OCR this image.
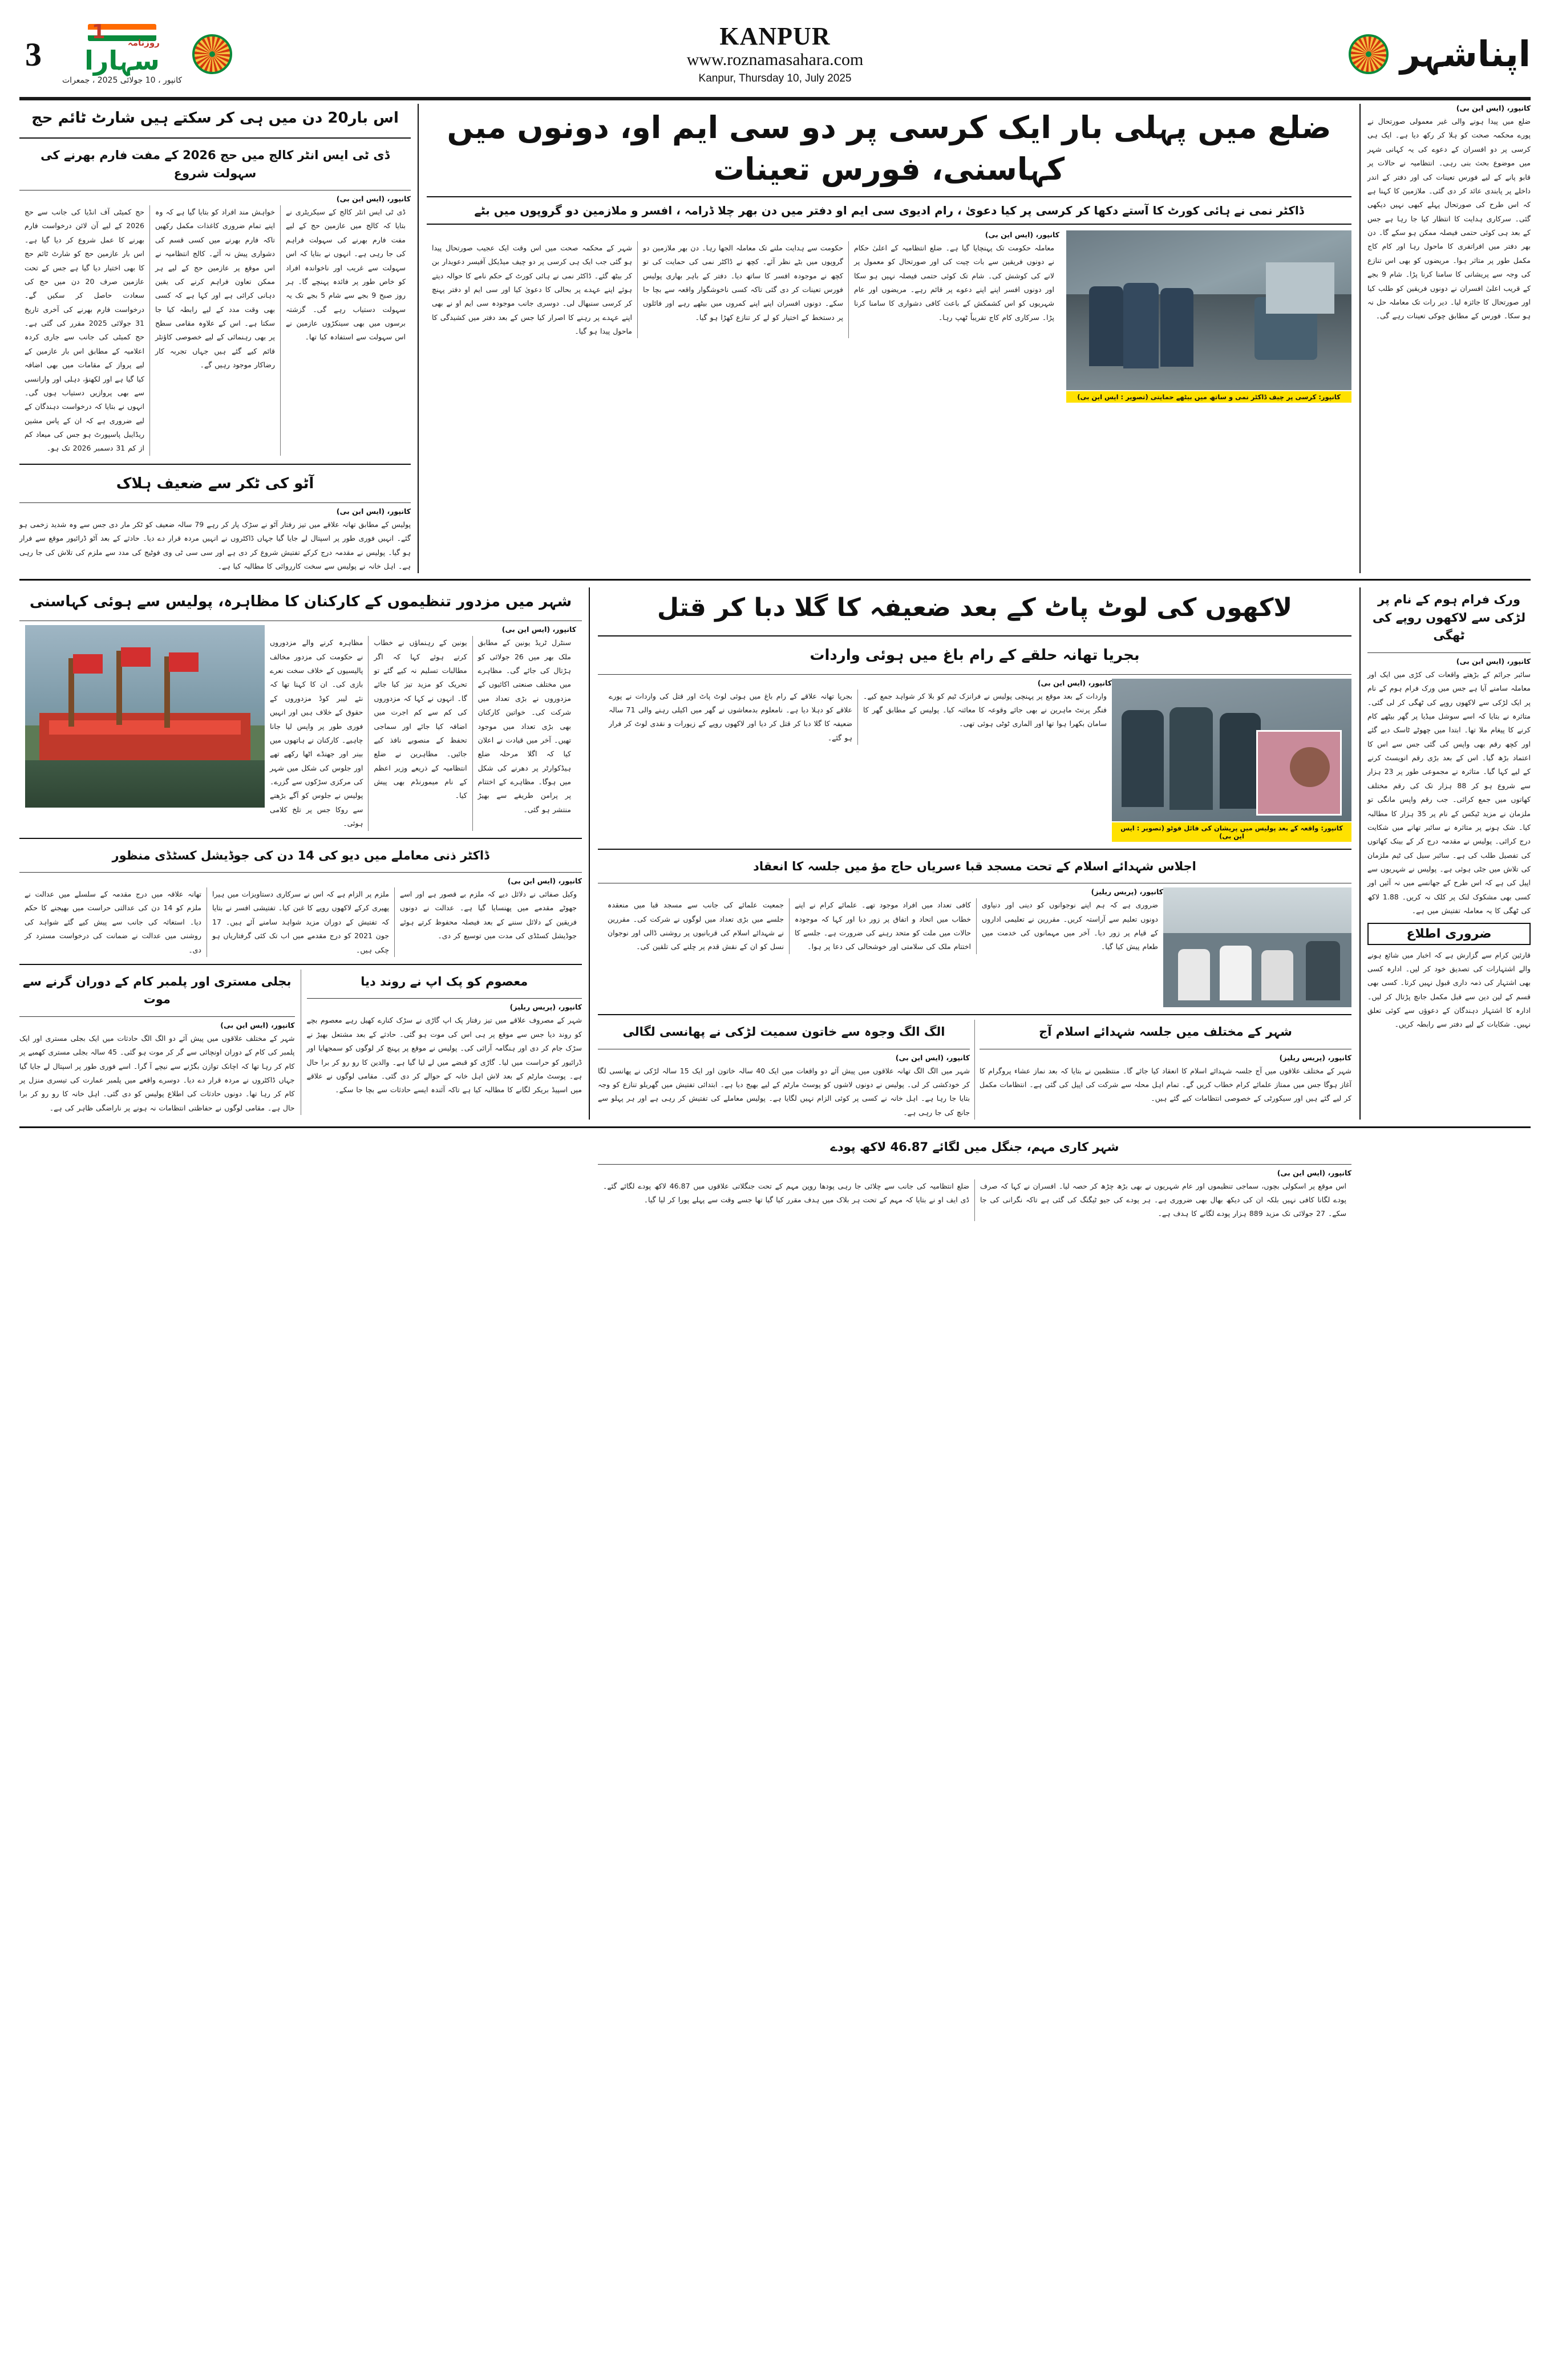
3
1	روزنامہ
سہارا
کانپور ، 10 جولائی 2025 ، جمعرات
KANPUR
www.roznamasahara.com
Kanpur, Thursday 10, July 2025
اپناشہر
اس بار20 دن میں ہی کر سکتے ہیں شارٹ ٹائم حج
ڈی ٹی ایس انٹر کالج میں حج 2026 کے مفت فارم بھرنے کی سہولت شروع
کانپور، (ایس این بی)
حج کمیٹی آف انڈیا کی جانب سے حج 2026 کے لیے آن لائن درخواست فارم بھرنے کا عمل شروع کر دیا گیا ہے۔ اس بار عازمین حج کو شارٹ ٹائم حج کا بھی اختیار دیا گیا ہے جس کے تحت عازمین صرف 20 دن میں حج کی سعادت حاصل کر سکیں گے۔ درخواست فارم بھرنے کی آخری تاریخ 31 جولائی 2025 مقرر کی گئی ہے۔ حج کمیٹی کی جانب سے جاری کردہ اعلامیہ کے مطابق اس بار عازمین کے لیے پرواز کے مقامات میں بھی اضافہ کیا گیا ہے اور لکھنؤ، دہلی اور وارانسی سے بھی پروازیں دستیاب ہوں گی۔ انہوں نے بتایا کہ درخواست دہندگان کے لیے ضروری ہے کہ ان کے پاس مشین ریڈایبل پاسپورٹ ہو جس کی میعاد کم از کم 31 دسمبر 2026 تک ہو۔
خواہش مند افراد کو بتایا گیا ہے کہ وہ اپنے تمام ضروری کاغذات مکمل رکھیں تاکہ فارم بھرنے میں کسی قسم کی دشواری پیش نہ آئے۔ کالج انتظامیہ نے اس موقع پر عازمین حج کے لیے ہر ممکن تعاون فراہم کرنے کی یقین دہانی کرائی ہے اور کہا ہے کہ کسی بھی وقت مدد کے لیے رابطہ کیا جا سکتا ہے۔ اس کے علاوہ مقامی سطح پر بھی رہنمائی کے لیے خصوصی کاؤنٹر قائم کیے گئے ہیں جہاں تجربہ کار رضاکار موجود رہیں گے۔
ڈی ٹی ایس انٹر کالج کے سیکریٹری نے بتایا کہ کالج میں عازمین حج کے لیے مفت فارم بھرنے کی سہولت فراہم کی جا رہی ہے۔ انہوں نے بتایا کہ اس سہولت سے غریب اور ناخواندہ افراد کو خاص طور پر فائدہ پہنچے گا۔ ہر روز صبح 9 بجے سے شام 5 بجے تک یہ سہولت دستیاب رہے گی۔ گزشتہ برسوں میں بھی سینکڑوں عازمین نے اس سہولت سے استفادہ کیا تھا۔
آٹو کی ٹکر سے ضعیف ہلاک
کانپور، (ایس این بی)
پولیس کے مطابق تھانہ علاقے میں تیز رفتار آٹو نے سڑک پار کر رہے 79 سالہ ضعیف کو ٹکر مار دی جس سے وہ شدید زخمی ہو گئے۔ انہیں فوری طور پر اسپتال لے جایا گیا جہاں ڈاکٹروں نے انہیں مردہ قرار دے دیا۔ حادثے کے بعد آٹو ڈرائیور موقع سے فرار ہو گیا۔ پولیس نے مقدمہ درج کرکے تفتیش شروع کر دی ہے اور سی سی ٹی وی فوٹیج کی مدد سے ملزم کی تلاش کی جا رہی ہے۔ اہل خانہ نے پولیس سے سخت کارروائی کا مطالبہ کیا ہے۔
ضلع میں پہلی بار ایک کرسی پر دو سی ایم او، دونوں میں کہاسنی، فورس تعینات
ڈاکٹر نمی نے ہائی کورٹ کا آستے دکھا کر کرسی پر کیا دعویٰ ، رام ادیوی سی ایم او دفتر میں دن بھر چلا ڈرامہ ، افسر و ملازمین دو گروپوں میں بٹے
کانپور، (ایس این بی)
شہر کے محکمہ صحت میں اس وقت ایک عجیب صورتحال پیدا ہو گئی جب ایک ہی کرسی پر دو چیف میڈیکل آفیسر دعویدار بن کر بیٹھ گئے۔ ڈاکٹر نمی نے ہائی کورٹ کے حکم نامے کا حوالہ دیتے ہوئے اپنے عہدے پر بحالی کا دعویٰ کیا اور سی ایم او دفتر پہنچ کر کرسی سنبھال لی۔ دوسری جانب موجودہ سی ایم او نے بھی اپنے عہدے پر رہنے کا اصرار کیا جس کے بعد دفتر میں کشیدگی کا ماحول پیدا ہو گیا۔
حکومت سے ہدایت ملنے تک معاملہ الجھا رہا۔ دن بھر ملازمین دو گروپوں میں بٹے نظر آئے۔ کچھ نے ڈاکٹر نمی کی حمایت کی تو کچھ نے موجودہ افسر کا ساتھ دیا۔ دفتر کے باہر بھاری پولیس فورس تعینات کر دی گئی تاکہ کسی ناخوشگوار واقعہ سے بچا جا سکے۔ دونوں افسران اپنے اپنے کمروں میں بیٹھے رہے اور فائلوں پر دستخط کے اختیار کو لے کر تنازع کھڑا ہو گیا۔
معاملہ حکومت تک پہنچایا گیا ہے۔ ضلع انتظامیہ کے اعلیٰ حکام نے دونوں فریقین سے بات چیت کی اور صورتحال کو معمول پر لانے کی کوشش کی۔ شام تک کوئی حتمی فیصلہ نہیں ہو سکا اور دونوں افسر اپنے اپنے دعوے پر قائم رہے۔ مریضوں اور عام شہریوں کو اس کشمکش کے باعث کافی دشواری کا سامنا کرنا پڑا۔ سرکاری کام کاج تقریباً ٹھپ رہا۔
کانپور: کرسی پر چیف ڈاکٹر نمی و ساتھ میں بیٹھے حمایتی (تصویر : ایس این بی)
کانپور، (ایس این بی)
ضلع میں پیدا ہونے والی غیر معمولی صورتحال نے پورے محکمہ صحت کو ہلا کر رکھ دیا ہے۔ ایک ہی کرسی پر دو افسران کے دعوے کی یہ کہانی شہر میں موضوع بحث بنی رہی۔ انتظامیہ نے حالات پر قابو پانے کے لیے فورس تعینات کی اور دفتر کے اندر داخلے پر پابندی عائد کر دی گئی۔ ملازمین کا کہنا ہے کہ اس طرح کی صورتحال پہلے کبھی نہیں دیکھی گئی۔ سرکاری ہدایت کا انتظار کیا جا رہا ہے جس کے بعد ہی کوئی حتمی فیصلہ ممکن ہو سکے گا۔ دن بھر دفتر میں افراتفری کا ماحول رہا اور کام کاج مکمل طور پر متاثر ہوا۔ مریضوں کو بھی اس تنازع کی وجہ سے پریشانی کا سامنا کرنا پڑا۔ شام 9 بجے کے قریب اعلیٰ افسران نے دونوں فریقین کو طلب کیا اور صورتحال کا جائزہ لیا۔ دیر رات تک معاملہ حل نہ ہو سکا۔ فورس کے مطابق چوکی تعینات رہے گی۔
شہر میں مزدور تنظیموں کے کارکنان کا مظاہرہ، پولیس سے ہوئی کہاسنی
کانپور، (ایس این بی)
مظاہرہ کرنے والے مزدوروں نے حکومت کی مزدور مخالف پالیسیوں کے خلاف سخت نعرے بازی کی۔ ان کا کہنا تھا کہ نئے لیبر کوڈ مزدوروں کے حقوق کے خلاف ہیں اور انہیں فوری طور پر واپس لیا جانا چاہیے۔ کارکنان نے ہاتھوں میں بینر اور جھنڈے اٹھا رکھے تھے اور جلوس کی شکل میں شہر کی مرکزی سڑکوں سے گزرے۔ پولیس نے جلوس کو آگے بڑھنے سے روکا جس پر تلخ کلامی ہوئی۔
یونین کے رہنماؤں نے خطاب کرتے ہوئے کہا کہ اگر مطالبات تسلیم نہ کیے گئے تو تحریک کو مزید تیز کیا جائے گا۔ انہوں نے کہا کہ مزدوروں کی کم سے کم اجرت میں اضافہ کیا جائے اور سماجی تحفظ کے منصوبے نافذ کیے جائیں۔ مظاہرین نے ضلع انتظامیہ کے ذریعے وزیر اعظم کے نام میمورنڈم بھی پیش کیا۔
سنٹرل ٹریڈ یونین کے مطابق ملک بھر میں 26 جولائی کو ہڑتال کی جائے گی۔ مظاہرے میں مختلف صنعتی اکائیوں کے مزدوروں نے بڑی تعداد میں شرکت کی۔ خواتین کارکنان بھی بڑی تعداد میں موجود تھیں۔ آخر میں قیادت نے اعلان کیا کہ اگلا مرحلہ ضلع ہیڈکوارٹر پر دھرنے کی شکل میں ہوگا۔ مظاہرے کے اختتام پر پرامن طریقے سے بھیڑ منتشر ہو گئی۔
ڈاکٹر ذنی معاملے میں دیو کی 14 دن کی جوڈیشل کسٹڈی منظور
کانپور، (ایس این بی)
تھانہ علاقہ میں درج مقدمہ کے سلسلے میں عدالت نے ملزم کو 14 دن کی عدالتی حراست میں بھیجنے کا حکم دیا۔ استغاثہ کی جانب سے پیش کیے گئے شواہد کی روشنی میں عدالت نے ضمانت کی درخواست مسترد کر دی۔
ملزم پر الزام ہے کہ اس نے سرکاری دستاویزات میں ہیرا پھیری کرکے لاکھوں روپے کا غبن کیا۔ تفتیشی افسر نے بتایا کہ تفتیش کے دوران مزید شواہد سامنے آئے ہیں۔ 17 جون 2021 کو درج مقدمے میں اب تک کئی گرفتاریاں ہو چکی ہیں۔
وکیل صفائی نے دلائل دیے کہ ملزم بے قصور ہے اور اسے جھوٹے مقدمے میں پھنسایا گیا ہے۔ عدالت نے دونوں فریقین کے دلائل سننے کے بعد فیصلہ محفوظ کرتے ہوئے جوڈیشل کسٹڈی کی مدت میں توسیع کر دی۔
بجلی مستری اور پلمبر کام کے دوران گرنے سے موت
کانپور، (ایس این بی)
شہر کے مختلف علاقوں میں پیش آئے دو الگ الگ حادثات میں ایک بجلی مستری اور ایک پلمبر کی کام کے دوران اونچائی سے گر کر موت ہو گئی۔ 45 سالہ بجلی مستری کھمبے پر کام کر رہا تھا کہ اچانک توازن بگڑنے سے نیچے آ گرا۔ اسے فوری طور پر اسپتال لے جایا گیا جہاں ڈاکٹروں نے مردہ قرار دے دیا۔ دوسرے واقعے میں پلمبر عمارت کی تیسری منزل پر کام کر رہا تھا۔ دونوں حادثات کی اطلاع پولیس کو دی گئی۔ اہل خانہ کا رو رو کر برا حال ہے۔ مقامی لوگوں نے حفاظتی انتظامات نہ ہونے پر ناراضگی ظاہر کی ہے۔
معصوم کو پک اپ نے روند دیا
کانپور، (پریس ریلیز)
شہر کے مصروف علاقے میں تیز رفتار پک اپ گاڑی نے سڑک کنارے کھیل رہے معصوم بچے کو روند دیا جس سے موقع پر ہی اس کی موت ہو گئی۔ حادثے کے بعد مشتعل بھیڑ نے سڑک جام کر دی اور ہنگامہ آرائی کی۔ پولیس نے موقع پر پہنچ کر لوگوں کو سمجھایا اور ڈرائیور کو حراست میں لیا۔ گاڑی کو قبضے میں لے لیا گیا ہے۔ والدین کا رو رو کر برا حال ہے۔ پوسٹ مارٹم کے بعد لاش اہل خانہ کے حوالے کر دی گئی۔ مقامی لوگوں نے علاقے میں اسپیڈ بریکر لگانے کا مطالبہ کیا ہے تاکہ آئندہ ایسے حادثات سے بچا جا سکے۔
لاکھوں کی لوٹ پاٹ کے بعد ضعیفہ کا گلا دبا کر قتل
بجریا تھانہ حلقے کے رام باغ میں ہوئی واردات
کانپور، (ایس این بی)
بجریا تھانہ علاقے کے رام باغ میں ہوئی لوٹ پاٹ اور قتل کی واردات نے پورے علاقے کو دہلا دیا ہے۔ نامعلوم بدمعاشوں نے گھر میں اکیلی رہنے والی 71 سالہ ضعیفہ کا گلا دبا کر قتل کر دیا اور لاکھوں روپے کے زیورات و نقدی لوٹ کر فرار ہو گئے۔
واردات کے بعد موقع پر پہنچی پولیس نے فرانزک ٹیم کو بلا کر شواہد جمع کیے۔ فنگر پرنٹ ماہرین نے بھی جائے وقوعہ کا معائنہ کیا۔ پولیس کے مطابق گھر کا سامان بکھرا ہوا تھا اور الماری ٹوٹی ہوئی تھی۔
کانپور: واقعہ کے بعد پولیس میں پریشان کی فائل فوٹو (تصویر : ایس این بی)
اجلاس شہدائے اسلام کے تحت مسجد قبا ءسریاں حاج مؤ میں جلسہ کا انعقاد
کانپور، (پریس ریلیز)
جمعیت علمائے کی جانب سے مسجد قبا میں منعقدہ جلسے میں بڑی تعداد میں لوگوں نے شرکت کی۔ مقررین نے شہدائے اسلام کی قربانیوں پر روشنی ڈالی اور نوجوان نسل کو ان کے نقش قدم پر چلنے کی تلقین کی۔
کافی تعداد میں افراد موجود تھے۔ علمائے کرام نے اپنے خطاب میں اتحاد و اتفاق پر زور دیا اور کہا کہ موجودہ حالات میں ملت کو متحد رہنے کی ضرورت ہے۔ جلسے کا اختتام ملک کی سلامتی اور خوشحالی کی دعا پر ہوا۔
ضروری ہے کہ ہم اپنے نوجوانوں کو دینی اور دنیاوی دونوں تعلیم سے آراستہ کریں۔ مقررین نے تعلیمی اداروں کے قیام پر زور دیا۔ آخر میں مہمانوں کی خدمت میں طعام پیش کیا گیا۔
الگ الگ وجوہ سے خاتون سمیت لڑکی نے پھانسی لگالی
کانپور، (ایس این بی)
شہر میں الگ الگ تھانہ علاقوں میں پیش آئے دو واقعات میں ایک 40 سالہ خاتون اور ایک 15 سالہ لڑکی نے پھانسی لگا کر خودکشی کر لی۔ پولیس نے دونوں لاشوں کو پوسٹ مارٹم کے لیے بھیج دیا ہے۔ ابتدائی تفتیش میں گھریلو تنازع کو وجہ بتایا جا رہا ہے۔ اہل خانہ نے کسی پر کوئی الزام نہیں لگایا ہے۔ پولیس معاملے کی تفتیش کر رہی ہے اور ہر پہلو سے جانچ کی جا رہی ہے۔
شہر کے مختلف میں جلسہ شہدائے اسلام آج
کانپور، (پریس ریلیز)
شہر کے مختلف علاقوں میں آج جلسہ شہدائے اسلام کا انعقاد کیا جائے گا۔ منتظمین نے بتایا کہ بعد نماز عشاء پروگرام کا آغاز ہوگا جس میں ممتاز علمائے کرام خطاب کریں گے۔ تمام اہل محلہ سے شرکت کی اپیل کی گئی ہے۔ انتظامات مکمل کر لیے گئے ہیں اور سیکورٹی کے خصوصی انتظامات کیے گئے ہیں۔
ورک فرام ہوم کے نام پر لڑکی سے لاکھوں روپے کی ٹھگی
کانپور، (ایس این بی)
سائبر جرائم کے بڑھتے واقعات کی کڑی میں ایک اور معاملہ سامنے آیا ہے جس میں ورک فرام ہوم کے نام پر ایک لڑکی سے لاکھوں روپے کی ٹھگی کر لی گئی۔ متاثرہ نے بتایا کہ اسے سوشل میڈیا پر گھر بیٹھے کام کرنے کا پیغام ملا تھا۔ ابتدا میں چھوٹے ٹاسک دیے گئے اور کچھ رقم بھی واپس کی گئی جس سے اس کا اعتماد بڑھ گیا۔ اس کے بعد بڑی رقم انویسٹ کرنے کے لیے کہا گیا۔ متاثرہ نے مجموعی طور پر 23 ہزار سے شروع ہو کر 88 ہزار تک کی رقم مختلف کھاتوں میں جمع کرائی۔ جب رقم واپس مانگی تو ملزمان نے مزید ٹیکس کے نام پر 35 ہزار کا مطالبہ کیا۔ شک ہونے پر متاثرہ نے سائبر تھانے میں شکایت درج کرائی۔ پولیس نے مقدمہ درج کر کے بینک کھاتوں کی تفصیل طلب کی ہے۔ سائبر سیل کی ٹیم ملزمان کی تلاش میں جٹی ہوئی ہے۔ پولیس نے شہریوں سے اپیل کی ہے کہ اس طرح کے جھانسے میں نہ آئیں اور کسی بھی مشکوک لنک پر کلک نہ کریں۔ 1.88 لاکھ کی ٹھگی کا یہ معاملہ تفتیش میں ہے۔
ضروری اطلاع
قارئین کرام سے گزارش ہے کہ اخبار میں شائع ہونے والے اشتہارات کی تصدیق خود کر لیں۔ ادارہ کسی بھی اشتہار کی ذمہ داری قبول نہیں کرتا۔ کسی بھی قسم کے لین دین سے قبل مکمل جانچ پڑتال کر لیں۔ ادارہ کا اشتہار دہندگان کے دعوؤں سے کوئی تعلق نہیں۔ شکایات کے لیے دفتر سے رابطہ کریں۔
شہر کاری مہم، جنگل میں لگائے 46.87 لاکھ پودے
کانپور، (ایس این بی)
ضلع انتظامیہ کی جانب سے چلائی جا رہی پودھا روپن مہم کے تحت جنگلاتی علاقوں میں 46.87 لاکھ پودے لگائے گئے۔ ڈی ایف او نے بتایا کہ مہم کے تحت ہر بلاک میں ہدف مقرر کیا گیا تھا جسے وقت سے پہلے پورا کر لیا گیا۔
اس موقع پر اسکولی بچوں، سماجی تنظیموں اور عام شہریوں نے بھی بڑھ چڑھ کر حصہ لیا۔ افسران نے کہا کہ صرف پودے لگانا کافی نہیں بلکہ ان کی دیکھ بھال بھی ضروری ہے۔ ہر پودے کی جیو ٹیگنگ کی گئی ہے تاکہ نگرانی کی جا سکے۔ 27 جولائی تک مزید 889 ہزار پودے لگانے کا ہدف ہے۔
